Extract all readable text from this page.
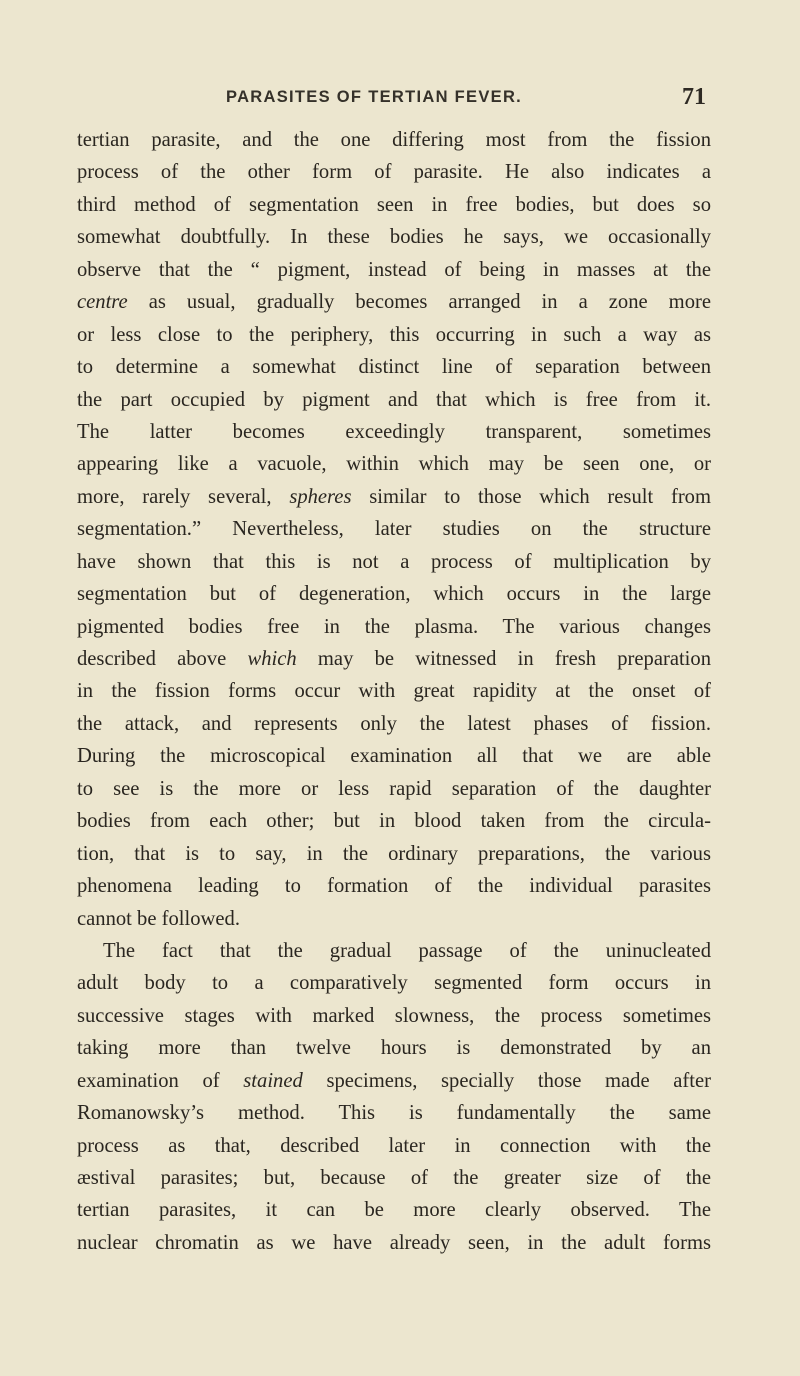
PARASITES OF TERTIAN FEVER.	71
tertian parasite, and the one differing most from the fission
process of the other form of parasite. He also indicates a
third method of segmentation seen in free bodies, but does so
somewhat doubtfully. In these bodies he says, we occasionally
observe that the “ pigment, instead of being in masses at the
centre as usual, gradually becomes arranged in a zone more
or less close to the periphery, this occurring in such a way as
to determine a somewhat distinct line of separation between
the part occupied by pigment and that which is free from it.
The latter becomes exceedingly transparent, sometimes
appearing like a vacuole, within which may be seen one, or
more, rarely several, spheres similar to those which result from
segmentation.” Nevertheless, later studies on the structure
have shown that this is not a process of multiplication by
segmentation but of degeneration, which occurs in the large
pigmented bodies free in the plasma. The various changes
described above which may be witnessed in fresh preparation
in the fission forms occur with great rapidity at the onset of
the attack, and represents only the latest phases of fission.
During the microscopical examination all that we are able
to see is the more or less rapid separation of the daughter
bodies from each other; but in blood taken from the circula-
tion, that is to say, in the ordinary preparations, the various
phenomena leading to formation of the individual parasites
cannot be followed.
The fact that the gradual passage of the uninucleated
adult body to a comparatively segmented form occurs in
successive stages with marked slowness, the process sometimes
taking more than twelve hours is demonstrated by an
examination of stained specimens, specially those made after
Romanowsky’s method. This is fundamentally the same
process as that, described later in connection with the
æstival parasites; but, because of the greater size of the
tertian parasites, it can be more clearly observed. The
nuclear chromatin as we have already seen, in the adult forms
